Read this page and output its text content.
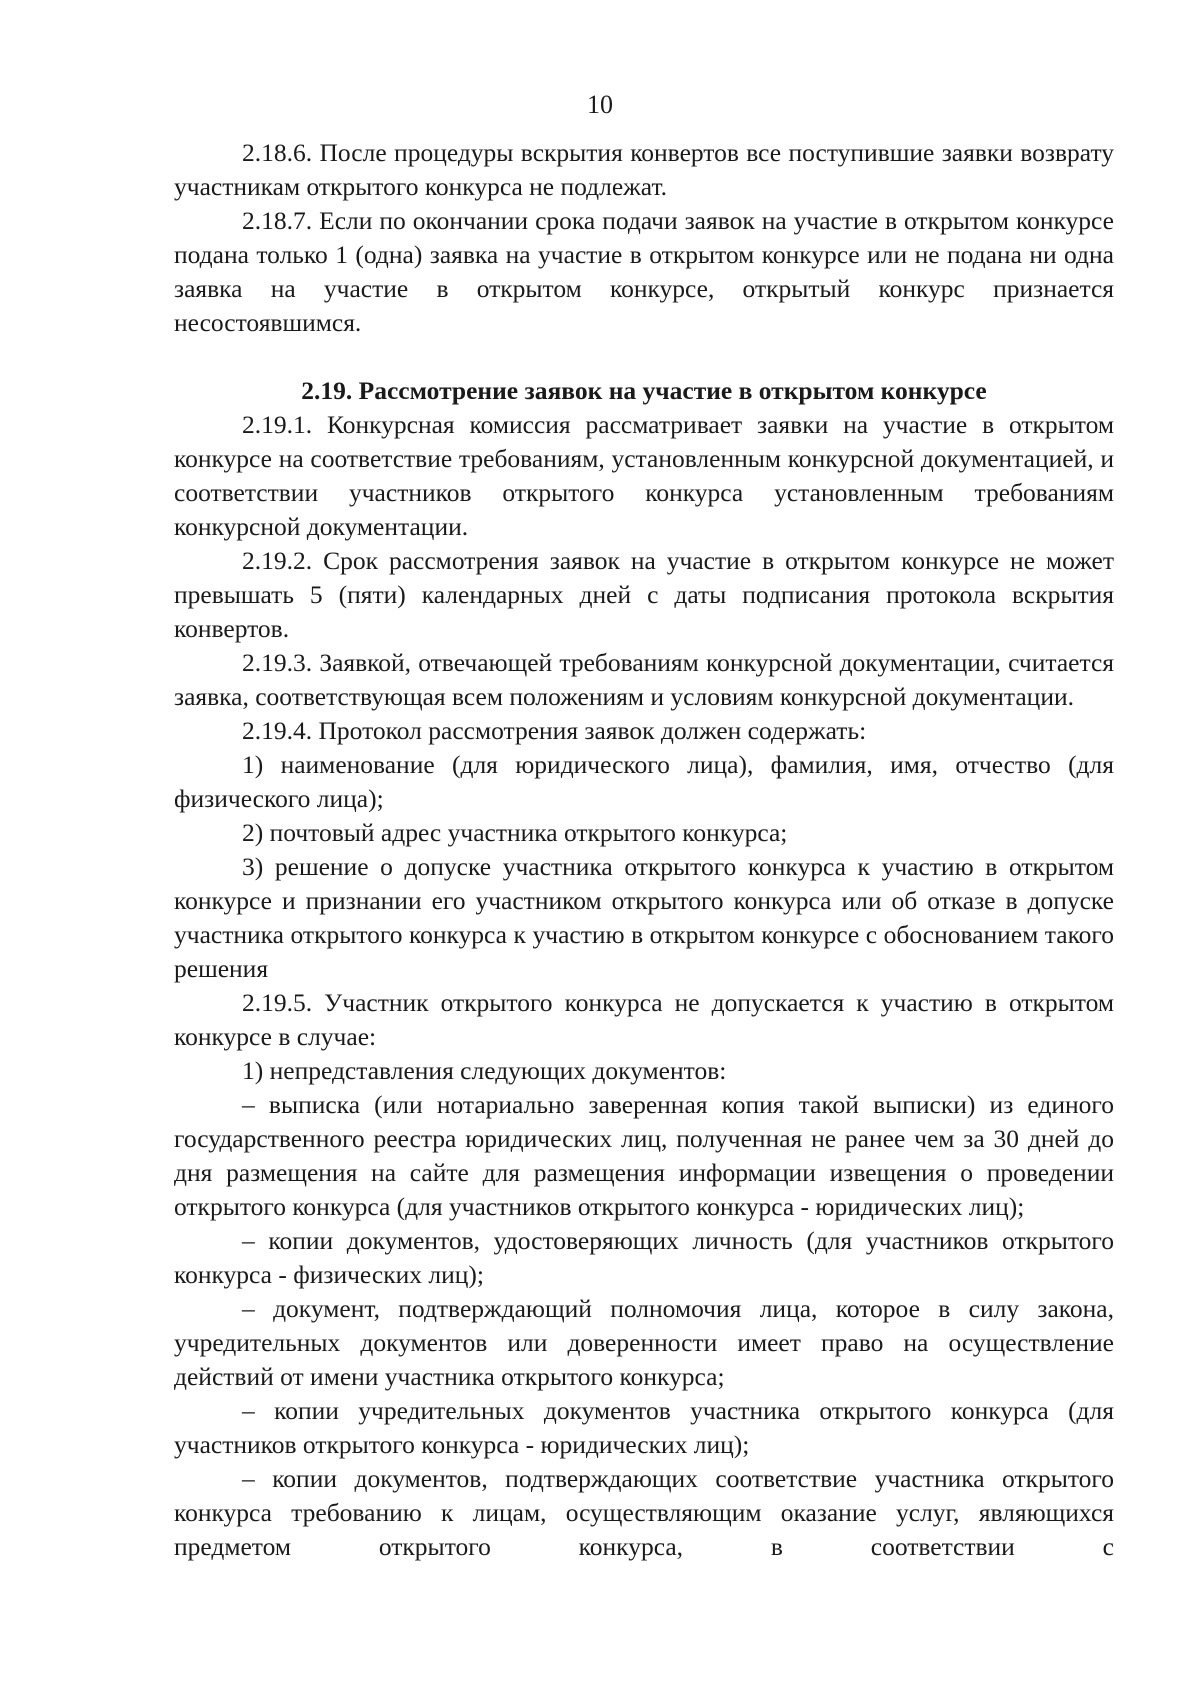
10

2.18.6. После процедуры вскрытия конвертов все поступившие заявки возврату участникам открытого конкурса не подлежат.

2.18.7. Если по окончании срока подачи заявок на участие в открытом конкурсе подана только 1 (одна) заявка на участие в открытом конкурсе или не подана ни одна заявка на участие в открытом конкурсе, открытый конкурс признается несостоявшимся.

2.19. Рассмотрение заявок на участие в открытом конкурсе

2.19.1. Конкурсная комиссия рассматривает заявки на участие в открытом конкурсе на соответствие требованиям, установленным конкурсной документацией, и соответствии участников открытого конкурса установленным требованиям конкурсной документации.

2.19.2. Срок рассмотрения заявок на участие в открытом конкурсе не может превышать 5 (пяти) календарных дней с даты подписания протокола вскрытия конвертов.

2.19.3. Заявкой, отвечающей требованиям конкурсной документации, считается заявка, соответствующая всем положениям и условиям конкурсной документации.

2.19.4. Протокол рассмотрения заявок должен содержать:

1) наименование (для юридического лица), фамилия, имя, отчество (для физического лица);

2) почтовый адрес участника открытого конкурса;

3) решение о допуске участника открытого конкурса к участию в открытом конкурсе и признании его участником открытого конкурса или об отказе в допуске участника открытого конкурса к участию в открытом конкурсе с обоснованием такого решения

2.19.5. Участник открытого конкурса не допускается к участию в открытом конкурсе в случае:

1) непредставления следующих документов:

– выписка (или нотариально заверенная копия такой выписки) из единого государственного реестра юридических лиц, полученная не ранее чем за 30 дней до дня размещения на сайте для размещения информации извещения о проведении открытого конкурса (для участников открытого конкурса - юридических лиц);

– копии документов, удостоверяющих личность (для участников открытого конкурса - физических лиц);

– документ, подтверждающий полномочия лица, которое в силу закона, учредительных документов или доверенности имеет право на осуществление действий от имени участника открытого конкурса;

– копии учредительных документов участника открытого конкурса (для участников открытого конкурса - юридических лиц);

– копии документов, подтверждающих соответствие участника открытого конкурса требованию к лицам, осуществляющим оказание услуг, являющихся предметом открытого конкурса, в соответствии с
